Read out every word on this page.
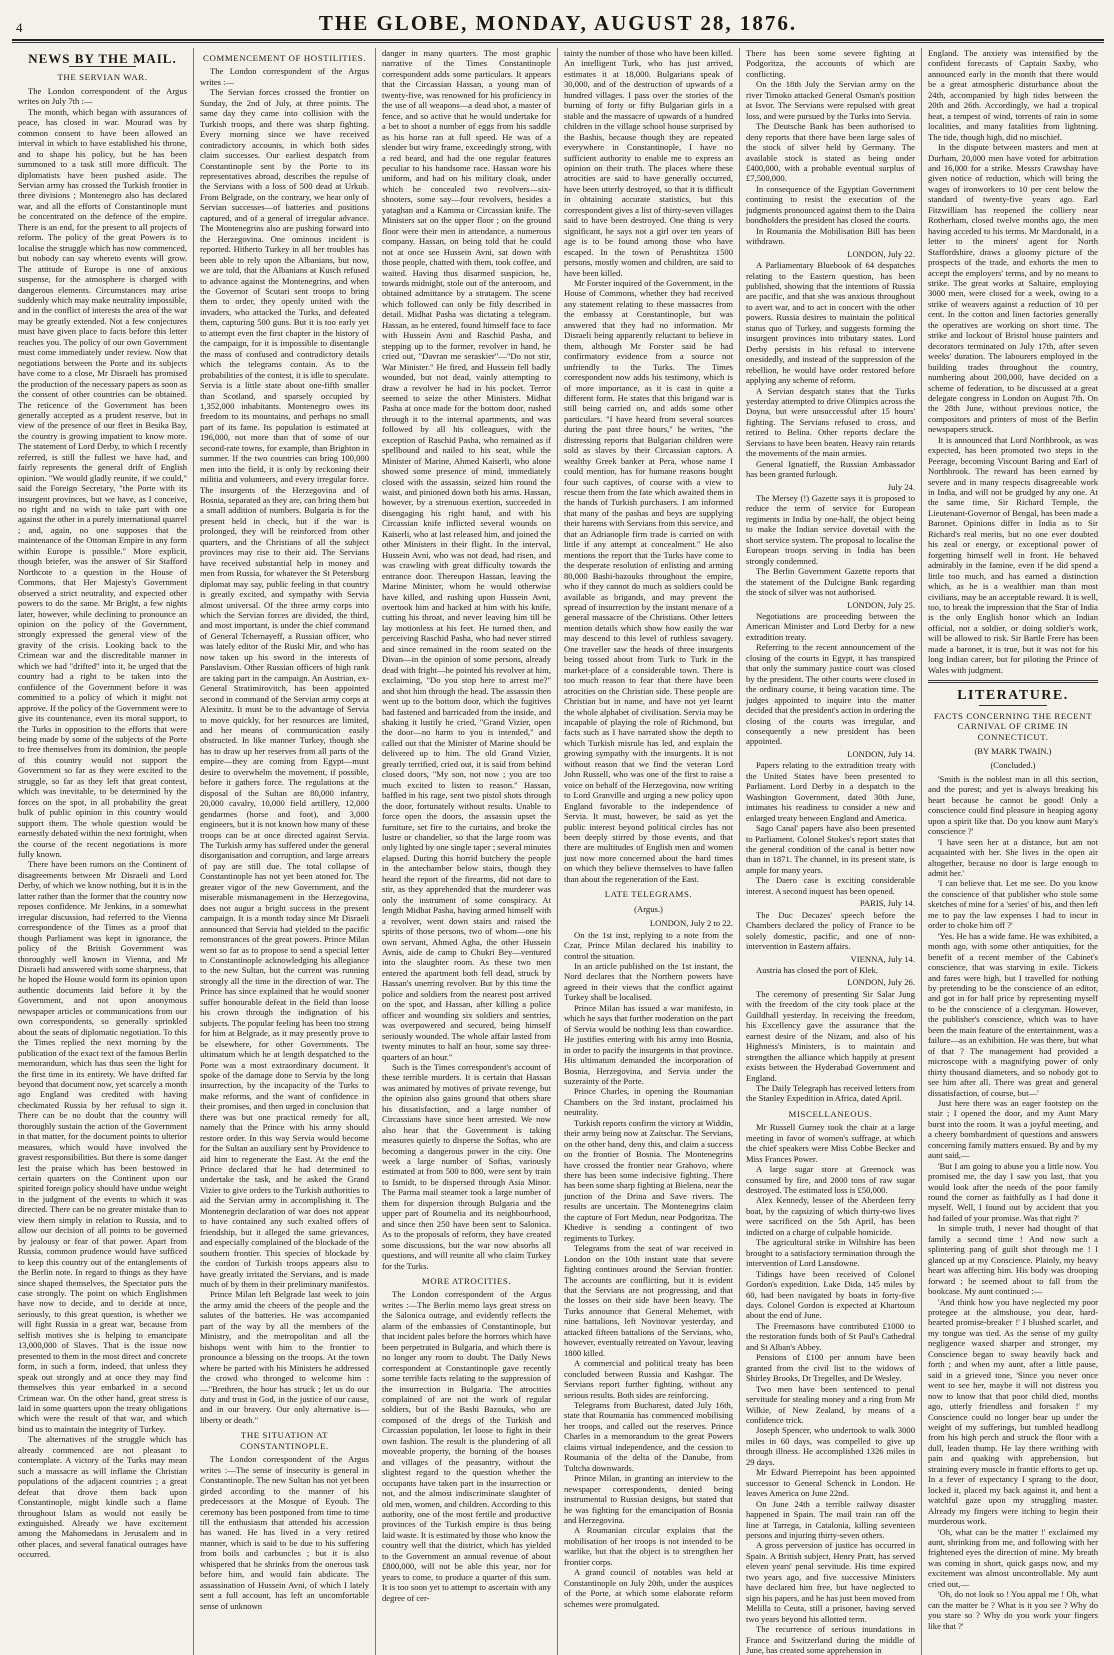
4	THE GLOBE, MONDAY, AUGUST 28, 1876.
NEWS BY THE MAIL.
THE SERVIAN WAR.

The London correspondent of the Argus writes on July 7th :—

The month, which began with assurances of peace, has closed in war. Mourad was by common consent to have been allowed an interval in which to have established his throne, and to shape his policy, but he has been summoned to a task still more difficult. The diplomatists have been pushed aside. The Servian army has crossed the Turkish frontier in three divisions ; Montenegro also has declared war, and all the efforts of Constantinople must be concentrated on the defence of the empire. There is an end, for the present to all projects of reform. The policy of the great Powers is to localise the struggle which has now commenced, but nobody can say whereto events will grow. The attitude of Europe is one of anxious suspense, for the atmosphere is charged with dangerous elements. Circumstances may arise suddenly which may make neutrality impossible, and in the conflict of interests the area of the war may be greatly extended. Not a few conjectures must have given place to facts before this letter reaches you. The policy of our own Government must come immediately under review. Now that negotiations between the Porte and its subjects have come to a close, Mr Disraeli has promised the production of the necessary papers as soon as the consent of other countries can be obtained. The reticence of the Government has been generally accepted as a prudent reserve, but in view of the presence of our fleet in Besika Bay, the country is growing impatient to know more. The statement of Lord Derby, to which I recently referred, is still the fullest we have had, and fairly represents the general drift of English opinion. "We would gladly reunite, if we could," said the Foreign Secretary, "the Porte with its insurgent provinces, but we have, as I conceive, no right and no wish to take part with one against the other in a purely international quarrel ; and, again, no one supposes that the maintenance of the Ottoman Empire in any form within Europe is possible." More explicit, though briefer, was the answer of Sir Stafford Northcote to a question in the House of Commons, that Her Majesty's Government observed a strict neutrality, and expected other powers to do the same. Mr Bright, a few nights later, however, while declining to pronounce an opinion on the policy of the Government, strongly expressed the general view of the gravity of the crisis. Looking back to the Crimean war and the discreditable manner in which we had "drifted" into it, he urged that the country had a right to be taken into the confidence of the Government before it was committed to a policy of which it might not approve. If the policy of the Government were to give its countenance, even its moral support, to the Turks in opposition to the efforts that were being made by some of the subjects of the Porte to free themselves from its dominion, the people of this country would not support the Government so far as they were excited to the struggle, so far as they left that great contest, which was inevitable, to be determined by the forces on the spot, in all probability the great bulk of public opinion in this country would support them. The whole question would be earnestly debated within the next fortnight, when the course of the recent negotiations is more fully known.

There have been rumors on the Continent of disagreements between Mr Disraeli and Lord Derby, of which we know nothing, but it is in the latter rather than the former that the country now reposes confidence. Mr Jenkins, in a somewhat irregular discussion, had referred to the Vienna correspondence of the Times as a proof that though Parliament was kept in ignorance, the policy of the British Government was thoroughly well known in Vienna, and Mr Disraeli had answered with some sharpness, that he hoped the House would form its opinion upon authentic documents laid before it by the Government, and not upon anonymous newspaper articles or communications from our own correspondents, so generally sprinkled about the seats of diplomatic negotiation. To this the Times replied the next morning by the publication of the exact text of the famous Berlin memorandum, which has thus seen the light for the first time in its entirety. We have drifted far beyond that document now, yet scarcely a month ago England was credited with having checkmated Russia by her refusal to sign it. There can be no doubt that the country will thoroughly sustain the action of the Government in that matter, for the document points to ulterior measures, which would have involved the gravest responsibilities. But there is some danger lest the praise which has been bestowed in certain quarters on the Continent upon our spirited foreign policy should have undue weight in the judgment of the events to which it was directed. There can be no greater mistake than to view them simply in relation to Russia, and to allow our decision of all points to be governed by jealousy or fear of that power. Apart from Russia, common prudence would have sufficed to keep this country out of the entanglements of the Berlin note. In regard to things as they have since shaped themselves, the Spectator puts the case strongly. The point on which Englishmen have now to decide, and to decide at once, seriously, to this great question, is whether we will fight Russia in a great war, because from selfish motives she is helping to emancipate 13,000,000 of Slaves. That is the issue now presented to them in the most direct and concrete form, in such a form, indeed, that unless they speak out strongly and at once they may find themselves this year embarked in a second Crimean war. On the other hand, great stress is laid in some quarters upon the treaty obligations which were the result of that war, and which bind us to maintain the integrity of Turkey.

The alternatives of the struggle which has already commenced are not pleasant to contemplate. A victory of the Turks may mean such a massacre as will inflame the Christian populations of the adjacent countries ; a great defeat that drove them back upon Constantinople, might kindle such a flame throughout Islam as would not easily be extinguished. Already we have excitement among the Mahomedans in Jerusalem and in other places, and several fanatical outrages have occurred.

COMMENCEMENT OF HOSTILITIES.

The London correspondent of the Argus writes :—

The Servian forces crossed the frontier on Sunday, the 2nd of July, at three points. The same day they came into collision with the Turkish troops, and there was sharp fighting. Every morning since we have received contradictory accounts, in which both sides claim successes. Our earliest despatch from Constantinople sent by the Porte to its representatives abroad, describes the repulse of the Servians with a loss of 500 dead at Urkub. From Belgrade, on the contrary, we hear only of Servian successes—of batteries and positions captured, and of a general of irregular advance. The Montenegrins also are pushing forward into the Herzegovina. One ominous incident is reported. Hitherto Turkey in all her troubles has been able to rely upon the Albanians, but now, we are told, that the Albanians at Kusch refused to advance against the Montenegrins, and when the Governor of Scutari sent troops to bring them to order, they openly united with the invaders, who attacked the Turks, and defeated them, capturing 500 guns. But it is too early yet to attempt even the first chapter in the history of the campaign, for it is impossible to disentangle the mass of confused and contradictory details which the telegrams contain. As to the probabilities of the contest, it is idle to speculate. Servia is a little state about one-fifth smaller than Scotland, and sparsely occupied by 1,352,000 inhabitants. Montenegro owes its freedom to its mountains, and perhaps no small part of its fame. Its population is estimated at 196,000, not more than that of some of our second-rate towns, for example, than Brighton in summer. If the two countries can bring 100,000 men into the field, it is only by reckoning their militia and volunteers, and every irregular force. The insurgents of the Herzegovina and of Bosnia, separated as they are, can bring them but a small addition of numbers. Bulgaria is for the present held in check, but if the war is prolonged, they will be reinforced from other quarters, and the Christians of all the subject provinces may rise to their aid. The Servians have received substantial help in money and men from Russia, for whatever the St Petersburg diplomat may say, public feeling in that country is greatly excited, and sympathy with Servia almost universal. Of the three army corps into which the Servian forces are divided, the third, and most important, is under the chief command of General Tchernayeff, a Russian officer, who was lately editor of the Ruski Mir, and who has now taken up his sword in the interests of Panslavism. Other Russian officers of high rank are taking part in the campaign. An Austrian, ex-General Stratimirovitch, has been appointed second in command of the Servian army corps at Alexinitz. It must be to the advantage of Servia to move quickly, for her resources are limited, and her means of communication easily obstructed. In like manner Turkey, though she has to draw up her reserves from all parts of the empire—they are coming from Egypt—must desire to overwhelm the movement, if possible, before it gathers force. The regulations at the disposal of the Sultan are 80,000 infantry, 20,000 cavalry, 10,000 field artillery, 12,000 gendarmes (horse and foot), and 3,000 engineers, but it is not known how many of these troops can be at once directed against Servia. The Turkish army has suffered under the general disorganisation and corruption, and large arrears of pay are still due. The total collapse of Constantinople has not yet been atoned for. The greater vigor of the new Government, and the miserable mismanagement in the Herzegovina, does not augur a bright success in the present campaign. It is a month today since Mr Disraeli announced that Servia had yielded to the pacific remonstrances of the great powers. Prince Milan went so far as to propose to send a special letter to Constantinople acknowledging his allegiance to the new Sultan, but the current was running strongly all the time in the direction of war. The Prince has since explained that he would sooner suffer honourable defeat in the field than loose his crown through the indignation of his subjects. The popular feeling has been too strong for him at Belgrade, as it may presently prove to be elsewhere, for other Governments. The ultimatum which he at length despatched to the Porte was a most extraordinary document. It spoke of the damage done to Servia by the long insurrection, by the incapacity of the Turks to make reforms, and the want of confidence in their promises, and then urged in conclusion that there was but one practical remedy for all, namely that the Prince with his army should restore order. In this way Servia would become for the Sultan an auxiliary sent by Providence to aid him to regenerate the East. At the end the Prince declared that he had determined to undertake the task, and he asked the Grand Vizier to give orders to the Turkish authorities to aid the Servian army in accomplishing it. The Montenegrin declaration of war does not appear to have contained any such exalted offers of friendship, but it alleged the same grievances, and especially complained of the blockade of the southern frontier. This species of blockade by the cordon of Turkish troops appears also to have greatly irritated the Servians, and is made much of by them in their preliminary manifestos.

Prince Milan left Belgrade last week to join the army amid the cheers of the people and the salutes of the batteries. He was accompanied part of the way by all the members of the Ministry, and the metropolitan and all the bishops went with him to the frontier to pronounce a blessing on the troops. At the town where he parted with his Ministers he addressed the crowd who thronged to welcome him :—"Brethren, the hour has struck ; let us do our duty and trust in God, in the justice of our cause, and in our bravery. Our only alternative is—liberty or death."

THE SITUATION AT CONSTANTINOPLE.

The London correspondent of the Argus writes :—The sense of insecurity is general in Constantinople. The new Sultan has not yet been girded according to the manner of his predecessors at the Mosque of Eyoub. The ceremony has been postponed from time to time till the enthusiasm that attended his accession has waned. He has lived in a very retired manner, which is said to be due to his suffering from boils and carbuncles ; but it is also whispered that he shrinks from the onerous task before him, and would fain abdicate. The assassination of Hussein Avni, of which I lately sent a full account, has left an uncomfortable sense of unknown

danger in many quarters. The most graphic narrative of the Times Constantinople correspondent adds some particulars. It appears that the Circassian Hassan, a young man of twenty-five, was renowned for his proficiency in the use of all weapons—a dead shot, a master of fence, and so active that he would undertake for a bet to shoot a number of eggs from his saddle as his horse ran at full speed. He was of a slender but wiry frame, exceedingly strong, with a red beard, and had the one regular features peculiar to his handsome race. Hassan wore his uniform, and had on his military cloak, under which he concealed two revolvers—six-shooters, some say—four revolvers, besides a yataghan and a Kamma or Circassian knife. The Ministers sat on the upper floor ; on the ground floor were their men in attendance, a numerous company. Hassan, on being told that he could not at once see Hussein Avni, sat down with those people, chatted with them, took coffee, and waited. Having thus disarmed suspicion, he, towards midnight, stole out of the anteroom, and obtained admittance by a stratagem. The scene which followed can only be fitly described in detail. Midhat Pasha was dictating a telegram. Hassan, as he entered, found himself face to face with Hussein Avni and Raschid Pasha, and stepping up to the former, revolver in hand, he cried out, "Davran me seraskier"—"Do not stir, War Minister." He fired, and Hussein fell badly wounded, but not dead, vainly attempting to draw a revolver he had in his pocket. Terror seemed to seize the other Ministers. Midhat Pasha at once made for the bottom door, rushed through it to the internal apartments, and was followed by all his colleagues, with the exception of Raschid Pasha, who remained as if spellbound and nailed to his seat, while the Minister of Marine, Ahmed Kaiserli, who alone showed some presence of mind, immediately closed with the assassin, seized him round the waist, and pinioned down both his arms. Hassan, however, by a strenuous exertion, succeeded in disengaging his right hand, and with his Circassian knife inflicted several wounds on Kaiserli, who at last released him, and joined the other Ministers in their flight. In the interval, Hussein Avni, who was not dead, had risen, and was crawling with great difficulty towards the entrance door. Thereupon Hassan, leaving the Marine Minister, whom he would otherwise have killed, and rushing upon Hussein Avni, overtook him and hacked at him with his knife, cutting his throat, and never leaving him till he lay motionless at his feet. He turned then, and perceiving Raschid Pasha, who had never stirred and since remained in the room seated on the Divan—in the opinion of some persons, already dead with fright—he pointed his revolver at him, exclaiming, "Do you stop here to arrest me?" and shot him through the head. The assassin then went up to the bottom door, which the fugitives had fastened and barricaded from the inside, and shaking it lustily he cried, "Grand Vizier, open the door—no harm to you is intended," and called out that the Minister of Marine should be delivered up to him. The old Grand Vizier, greatly terrified, cried out, it is said from behind closed doors, "My son, not now ; you are too much excited to listen to reason." Hassan, baffled in his rage, sent two pistol shots through the door, fortunately without results. Unable to force open the doors, the assassin upset the furniture, set fire to the curtains, and broke the lustre or chandelier, so that the large room was only lighted by one single taper ; several minutes elapsed. During this horrid butchery the people in the antechamber below stairs, though they heard the report of the firearms, did not dare to stir, as they apprehended that the murderer was only the instrument of some conspiracy. At length Midhat Pasha, having armed himself with a revolver, went down stairs and raised the spirits of those persons, two of whom—one his own servant, Ahmed Agha, the other Hussein Avnis, aide de camp to Chukri Bey—ventured into the slaughter room. As these two men entered the apartment both fell dead, struck by Hassan's unerring revolver. But by this time the police and soldiers from the nearest post arrived on the spot, and Hassan, after killing a police officer and wounding six soldiers and sentries, was overpowered and secured, being himself seriously wounded. The whole affair lasted from twenty minutes to half an hour, some say three-quarters of an hour."

Such is the Times correspondent's account of these terrible murders. It is certain that Hassan was animated by motives of private revenge, but the opinion also gains ground that others share his dissatisfaction, and a large number of Circassians have since been arrested. We now also hear that the Government is taking measures quietly to disperse the Softas, who are becoming a dangerous power in the city. One week a large number of Softas, variously estimated at from 500 to 800, were sent by train to Ismidt, to be dispersed through Asia Minor. The Parma mail steamer took a large number of them for dispersion through Bulgaria and the upper part of Roumelia and its neighbourhood, and since then 250 have been sent to Salonica. As to the proposals of reform, they have created some discussions, but the war now absorbs all questions, and will reunite all who claim Turkey for the Turks.

MORE ATROCITIES.

The London correspondent of the Argus writes :—The Berlin memo lays great stress on the Salonica outrage, and evidently reflects the alarm of the embassies of Constantinople, but that incident pales before the horrors which have been perpetrated in Bulgaria, and which there is no longer any room to doubt. The Daily News correspondent at Constantinople gave recently some terrible facts relating to the suppression of the insurrection in Bulgaria. The atrocities complained of are not the work of regular soldiers, but of the Bashi Bazouks, who are composed of the dregs of the Turkish and Circassian population, let loose to fight in their own fashion. The result is the plundering of all moveable property, the burning of the houses and villages of the peasantry, without the slightest regard to the question whether the occupants have taken part in the insurrection or not, and the almost indiscriminate slaughter of old men, women, and children. According to this authority, one of the most fertile and productive provinces of the Turkish empire is thus being laid waste. It is estimated by those who know the country well that the district, which has yielded to the Government an annual revenue of about £800,000, will not be able this year, nor for years to come, to produce a quarter of this sum. It is too soon yet to attempt to ascertain with any degree of cer-

tainty the number of those who have been killed. An intelligent Turk, who has just arrived, estimates it at 18,000. Bulgarians speak of 30,000, and of the destruction of upwards of a hundred villages. I pass over the stories of the burning of forty or fifty Bulgarian girls in a stable and the massacre of upwards of a hundred children in the village school house surprised by the Bashis, because though they are repeated everywhere in Constantinople, I have no sufficient authority to enable me to express an opinion on their truth. The places where these atrocities are said to have generally occurred, have been utterly destroyed, so that it is difficult in obtaining accurate statistics, but this correspondent gives a list of thirty-seven villages said to have been destroyed. One thing is very significant, he says not a girl over ten years of age is to be found among those who have escaped. In the town of Perushtitza 1500 persons, mostly women and children, are said to have been killed.

Mr Forster inquired of the Government, in the House of Commons, whether they had received any statement relating to these massacres from the embassy at Constantinople, but was answered that they had no information. Mr Disraeli being apparently reluctant to believe in them, although Mr Forster said he had confirmatory evidence from a source not unfriendly to the Turks. The Times correspondent now adds his testimony, which is of more importance, as it is cast in quite a different form. He states that this brigand war is still being carried on, and adds some other particulars. "I have heard from several sources during the past three hours," he writes, "the distressing reports that Bulgarian children were sold as slaves by their Circassian captors. A wealthy Greek banker at Pera, whose name I could mention, has for humane reasons bought four such captives, of course with a view to rescue them from the fate which awaited them in the hands of Turkish purchasers. I am informed that many of the pashas and beys are supplying their harems with Servians from this service, and that an Adrianople firm trade is carried on with little if any attempt at concealment." He also mentions the report that the Turks have come to the desperate resolution of enlisting and arming 80,000 Bashi-bazouks throughout the empire, who if they cannot do much as soldiers could be available as brigands, and may prevent the spread of insurrection by the instant menace of a general massacre of the Christians. Other letters mention details which show how easily the war may descend to this level of ruthless savagery. One traveller saw the heads of three insurgents being tossed about from Turk to Turk in the market-place of a considerable town. There is too much reason to fear that there have been atrocities on the Christian side. These people are Christian but in name, and have not yet learnt the whole alphabet of civilisation. Servia may be incapable of playing the role of Richmond, but facts such as I have narrated show the depth to which Turkish misrule has led, and explain the growing sympathy with the insurgents. It is not without reason that we find the veteran Lord John Russell, who was one of the first to raise a voice on behalf of the Herzegovina, now writing to Lord Granville and urging a new policy upon England favorable to the independence of Servia. It must, however, be said as yet the public interest beyond political circles has not been deeply stirred by those events, and that there are multitudes of English men and women just now more concerned about the hard times on which they believe themselves to have fallen than about the regeneration of the East.

LATE TELEGRAMS.
(Argus.)
LONDON, July 2 to 22.

On the 1st inst, replying to a note from the Czar, Prince Milan declared his inability to control the situation.

In an article published on the 1st instant, the Nord declares that the Northern powers have agreed in their views that the conflict against Turkey shall be localised.

Prince Milan has issued a war manifesto, in which he says that further moderation on the part of Servia would be nothing less than cowardice. He justifies entering with his army into Bosnia, in order to pacify the insurgents in that province. His ultimatum demanded the incorporation of Bosnia, Herzegovina, and Servia under the suzerainty of the Porte.

Prince Charles, in opening the Roumanian Chambers on the 3rd instant, proclaimed his neutrality.

Turkish reports confirm the victory at Widdin, their army being now at Zaitschar. The Servians, on the other hand, deny this, and claim a success on the frontier of Bosnia. The Montenegrins have crossed the frontier near Grahovo, where there has been some indecisive fighting. There has been some sharp fighting at Bielena, near the junction of the Drina and Save rivers. The results are uncertain. The Montenegrins claim the capture of Fort Medun, near Podgoritza. The Khedive is sending a contingent of two regiments to Turkey.

Telegrams from the seat of war received in London on the 10th instant state that severe fighting continues around the Servian frontier. The accounts are conflicting, but it is evident that the Servians are not progressing, and that the losses on their side have been heavy. The Turks announce that General Mehemet, with nine battalions, left Novitovar yesterday, and attacked fifteen battalions of the Servians, who, however, eventually retreated on Yavour, leaving 1800 killed.

A commercial and political treaty has been concluded between Russia and Kashgar. The Servians report further fighting, without any serious results. Both sides are reinforcing.

Telegrams from Bucharest, dated July 16th, state that Roumania has commenced mobilising her troops, and called out the reserves. Prince Charles in a memorandum to the great Powers claims virtual independence, and the cession to Roumania of the delta of the Danube, from Tultcha downwards.

Prince Milan, in granting an interview to the newspaper correspondents, denied being instrumental to Russian designs, but stated that he was fighting for the emancipation of Bosnia and Herzegovina.

A Roumanian circular explains that the mobilisation of her troops is not intended to be warlike, but that the object is to strengthen her frontier corps.

A grand council of notables was held at Constantinople on July 20th, under the auspices of the Porte, at which some elaborate reform schemes were promulgated.

There has been some severe fighting at Podgoritza, the accounts of which are conflicting.

On the 18th July the Servian army on the river Timoko attacked General Osman's position at Isvor. The Servians were repulsed with great loss, and were pursued by the Turks into Servia.

The Deutsche Bank has been authorised to deny reports that there have been large sales of the stock of silver held by Germany. The available stock is stated as being under £400,000, with a probable eventual surplus of £7,500,000.

In consequence of the Egyptian Government continuing to resist the execution of the judgments pronounced against them to the Daira bondholders the president has closed the courts.

In Roumania the Mobilisation Bill has been withdrawn.

LONDON, July 22.

A Parliamentary Bluebook of 64 despatches relating to the Eastern question, has been published, showing that the intentions of Russia are pacific, and that she was anxious throughout to avert war, and to act in concert with the other powers. Russia desires to maintain the political status quo of Turkey, and suggests forming the insurgent provinces into tributary states. Lord Derby persists in his refusal to intervene onesidedly, and instead of the suppression of the rebellion, he would have order restored before applying any scheme of reform.

A Servian despatch states that the Turks yesterday attempted to drive Olimpics across the Doyna, but were unsuccessful after 15 hours' fighting. The Servians refused to cross, and retired to Belina. Other reports declare the Servians to have been beaten. Heavy rain retards the movements of the main armies.

General Ignatieff, the Russian Ambassador has been granted furlough.

July 24.

The Mersey (!) Gazette says it is proposed to reduce the term of service for European regiments in India by one-half, the object being to make the Indian service dovetail with the short service system. The proposal to localise the European troops serving in India has been strongly condemned.

The Berlin Government Gazette reports that the statement of the Dulcigne Bank regarding the stock of silver was not authorised.

LONDON, July 25.

Negotiations are proceeding between the American Minister and Lord Derby for a new extradition treaty.

Referring to the recent announcement of the closing of the courts in Egypt, it has transpired that only the summary justice court was closed by the president. The other courts were closed in the ordinary course, it being vacation time. The judges appointed to inquire into the matter decided that the president's action in ordering the closing of the courts was irregular, and consequently a new president has been appointed.

LONDON, July 14.

Papers relating to the extradition treaty with the United States have been presented to Parliament. Lord Derby in a despatch to the Washington Government, dated 30th June, intimates his readiness to consider a new and enlarged treaty between England and America.

Sago Canal' papers have also been presented to Parliament. Colonel Stokes's report states that the general condition of the canal is better now than in 1871. The channel, in its present state, is ample for many years.

The Daero case is exciting considerable interest. A second inquest has been opened.

PARIS, July 14.

The Duc Decazes' speech before the Chambers declared the policy of France to be solely domestic, pacific, and one of non-intervention in Eastern affairs.

VIENNA, July 14.

Austria has closed the port of Klek.

LONDON, July 26.

The ceremony of presenting Sir Salar Jung with the freedom of the city took place at the Guildhall yesterday. In receiving the freedom, his Excellency gave the assurance that the earnest desire of the Nizam, and also of his Highness's Ministers, is to maintain and strengthen the alliance which happily at present exists between the Hyderabad Government and England.

The Daily Telegraph has received letters from the Stanley Expedition in Africa, dated April.

MISCELLANEOUS.

Mr Russell Gurney took the chair at a large meeting in favor of women's suffrage, at which the chief speakers were Miss Cobbe Becker and Miss Frances Power.

A large sugar store at Greenock was consumed by fire, and 2000 tons of raw sugar destroyed. The estimated loss is £50,000.

Alex Kennedy, lessee of the Aberdeen ferry boat, by the capsizing of which thirty-two lives were sacrificed on the 5th April, has been indicted on a charge of culpable homicide.

The agricultural strike in Wiltshire has been brought to a satisfactory termination through the intervention of Lord Lansdowne.

Tidings have been received of Colonel Gordon's expedition. Lake Dida, 145 miles by 60, had been navigated by boats in forty-five days. Colonel Gordon is expected at Khartoum about the end of June.

The Freemasons have contributed £1000 to the restoration funds both of St Paul's Cathedral and St Alban's Abbey.

Pensions of £100 per annum have been granted from the civil list to the widows of Shirley Brooks, Dr Tregelles, and Dr Wesley.

Two men have been sentenced to penal servitude for stealing money and a ring from Mr Wilkie, of New Zealand, by means of a confidence trick.

Joseph Spencer, who undertook to walk 3000 miles in 60 days, was compelled to give up through illness. He accomplished 1326 miles in 29 days.

Mr Edward Pierrepoint has been appointed successor to General Schenck in London. He leaves America on June 22nd.

On June 24th a terrible railway disaster happened in Spain. The mail train ran off the line at Tarrega, in Catalonia, killing seventeen persons and injuring thirty-seven others.

A gross perversion of justice has occurred in Spain. A British subject, Henry Pratt, has served eleven years' penal servitude. His time expired two years ago, and five successive Ministers have declared him free, but have neglected to sign his papers, and he has just been moved from Melilla to Ceuta, still a prisoner, having served two years beyond his allotted term.

The recurrence of serious inundations in France and Switzerland during the middle of June, has created some apprehension in

England. The anxiety was intensified by the confident forecasts of Captain Saxby, who announced early in the month that there would be a great atmospheric disturbance about the 24th, accompanied by high tides between the 20th and 26th. Accordingly, we had a tropical heat, a tempest of wind, torrents of rain in some localities, and many fatalities from lightning. The tide, though high, did no mischief.

In the dispute between masters and men at Durham, 20,000 men have voted for arbitration and 16,000 for a strike. Messrs Crawshay have given notice of reduction, which will bring the wages of ironworkers to 10 per cent below the standard of twenty-five years ago. Earl Fitzwilliam has reopened the colliery near Rotherham, closed twelve months ago, the men having acceded to his terms. Mr Macdonald, in a letter to the miners' agent for North Staffordshire, draws a gloomy picture of the prospects of the trade, and exhorts the men to accept the employers' terms, and by no means to strike. The great works at Saltaire, employing 3000 men, were closed for a week, owing to a strike of weavers against a reduction of 10 per cent. In the cotton and linen factories generally the operatives are working on short time. The strike and lockout of Bristol house painters and decorators terminated on July 17th, after seven weeks' duration. The labourers employed in the building trades throughout the country, numbering about 200,000, have decided on a scheme of federation, to be discussed at a great delegate congress in London on August 7th. On the 28th June, without previous notice, the compositors and printers of most of the Berlin newspapers struck.

It is announced that Lord Northbrook, as was expected, has been promoted two steps in the Peerage, becoming Viscount Baring and Earl of Northbrook. The reward has been earned by severe and in many respects disagreeable work in India, and will not be grudged by any one. At the same time, Sir Richard Temple, the Lieutenant-Governor of Bengal, has been made a Baronet. Opinions differ in India as to Sir Richard's real merits, but no one ever doubted his zeal or energy, or exceptional power of forgetting himself well in front. He behaved admirably in the famine, even if he did spend a little too much, and has earned a distinction which, as he is a wealthier man than most civilians, may be an acceptable reward. It is well, too, to break the impression that the Star of India is the only English honor which an Indian official, not a soldier, or doing soldier's work, will be allowed to risk. Sir Bartle Frere has been made a baronet, it is true, but it was not for his long Indian career, but for piloting the Prince of Wales with judgment.

LITERATURE.
FACTS CONCERNING THE RECENT CARNIVAL OF CRIME IN CONNECTICUT.
(BY MARK TWAIN.)
(Concluded.)

'Smith is the noblest man in all this section, and the purest; and yet is always breaking his heart because he cannot be good! Only a conscience could find pleasure in heaping agony upon a spirit like that. Do you know aunt Mary's conscience ?'

'I have seen her at a distance, but am not acquainted with her. She lives in the open air altogether, because no door is large enough to admit her.'

'I can believe that. Let me see. Do you know the conscience of that publisher who stole some sketches of mine for a 'series' of his, and then left me to pay the law expenses I had to incur in order to choke him off ?'

'Yes. He has a wide fame. He was exhibited, a month ago, with some other antiquities, for the benefit of a recent member of the Cabinet's conscience, that was starving in exile. Tickets and fares were high, but I travelled for nothing by pretending to be the conscience of an editor, and got in for half price by representing myself to be the conscience of a clergyman. However, the publisher's conscience, which was to have been the main feature of the entertainment, was a failure—as an exhibition. He was there, but what of that ? The management had provided a microscope with a magnifying power of only thirty thousand diameters, and so nobody got to see him after all. There was great and general dissatisfaction, of course, but—'

Just here there was an eager footstep on the stair ; I opened the door, and my Aunt Mary burst into the room. It was a joyful meeting, and a cheery bombardment of questions and answers concerning family matters ensued. By and by my aunt said,—

'But I am going to abuse you a little now. You promised me, the day I saw you last, that you would look after the needs of the poor family round the corner as faithfully as I had done it myself. Well, I found out by accident that you had failed of your promise. Was that right ?'

In simple truth, I never had thought of that family a second time ! And now such a splintering pang of guilt shot through me ! I glanced up at my Conscience. Plainly, my heavy heart was affecting him. His body was drooping forward ; he seemed about to fall from the bookcase. My aunt continued :—

'And think how you have neglected my poor protegee at the almshouse, you dear, hard-hearted promise-breaker !' I blushed scarlet, and my tongue was tied. As the sense of my guilty negligence waxed sharper and stronger, my Conscience began to sway heavily back and forth ; and when my aunt, after a little pause, said in a grieved tone, 'Since you never once went to see her, maybe it will not distress you now to know that that poor child died, months ago, utterly friendless and forsaken !' my Conscience could no longer bear up under the weight of my sufferings, but tumbled headlong from his high perch and struck the floor with a dull, leaden thump. He lay there writhing with pain and quaking with apprehension, but straining every muscle in frantic efforts to get up. In a fever of expectancy I sprang to the door, locked it, placed my back against it, and bent a watchful gaze upon my struggling master. Already my fingers were itching to begin their murderous work.

'Oh, what can be the matter !' exclaimed my aunt, shrinking from me, and following with her frightened eyes the direction of mine. My breath was coming in short, quick gasps now, and my excitement was almost uncontrollable. My aunt cried out,—

'Oh, do not look so ! You appal me ! Oh, what can the matter be ? What is it you see ? Why do you stare so ? Why do you work your fingers like that ?'
